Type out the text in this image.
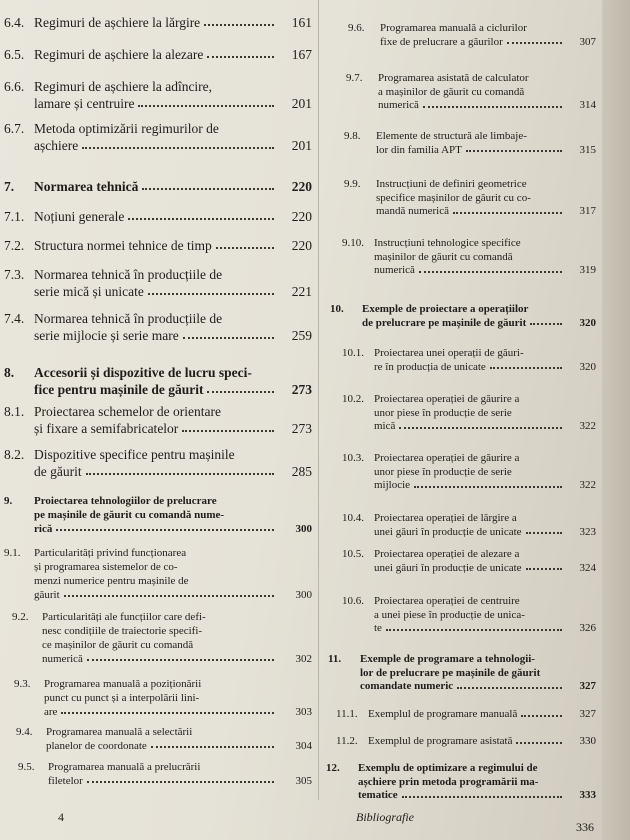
6.4. Regimuri de așchiere la lărgire	161
6.5. Regimuri de așchiere la alezare	167
6.6. Regimuri de așchiere la adîncire,
lamare și centruire	201
6.7. Metoda optimizării regimurilor de
așchiere	201
7.	Normarea tehnică	220
7.1. Noțiuni generale	220
7.2. Structura normei tehnice de timp	220
7.3. Normarea tehnică în producțiile de
serie mică și unicate	221
7.4. Normarea tehnică în producțiile de
serie mijlocie și serie mare	259
8.	Accesorii și dispozitive de lucru speci-
fice pentru mașinile de găurit	273
8.1. Proiectarea schemelor de orientare
și fixare a semifabricatelor	273
8.2. Dispozitive specifice pentru mașinile
de găurit	285
9.	Proiectarea tehnologiilor de prelucrare
pe mașinile de găurit cu comandă nume-
rică	300
9.1.	Particularități privind funcționarea
și programarea sistemelor de co-
menzi numerice pentru mașinile de
găurit	300
9.2.	Particularități ale funcțiilor care defi-
nesc condițiile de traiectorie specifi-
ce mașinilor de găurit cu comandă
numerică	302
9.3.	Programarea manuală a poziționării
punct cu punct și a interpolării lini-
are	303
9.4.	Programarea manuală a selectării
planelor de coordonate	304
9.5.	Programarea manuală a prelucrării
filetelor	305
9.6.	Programarea manuală a ciclurilor
fixe de prelucrare a găurilor	307
9.7.	Programarea asistată de calculator
a mașinilor de găurit cu comandă
numerică	314
9.8.	Elemente de structură ale limbaje-
lor din familia APT	315
9.9.	Instrucțiuni de definiri geometrice
specifice mașinilor de găurit cu co-
mandă numerică	317
9.10. Instrucțiuni tehnologice specifice
mașinilor de găurit cu comandă
numerică	319
10.	Exemple de proiectare a operațiilor
de prelucrare pe mașinile de găurit	320
10.1. Proiectarea unei operații de găuri-
re în producția de unicate	320
10.2. Proiectarea operației de găurire a
unor piese în producție de serie
mică	322
10.3. Proiectarea operației de găurire a
unor piese în producție de serie
mijlocie	322
10.4. Proiectarea operației de lărgire a
unei găuri în producție de unicate	323
10.5. Proiectarea operației de alezare a
unei găuri în producție de unicate	324
10.6. Proiectarea operației de centruire
a unei piese în producție de unica-
te	326
11.	Exemple de programare a tehnologii-
lor de prelucrare pe mașinile de găurit
comandate numeric	327
11.1. Exemplul de programare manuală	327
11.2. Exemplul de programare asistată	330
12.	Exemplu de optimizare a regimului de
așchiere prin metoda programării ma-
tematice	333
4	Bibliografie
336
